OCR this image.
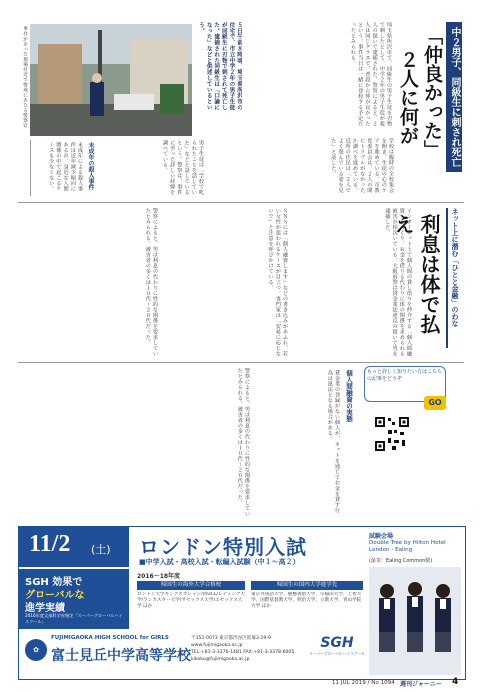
事件があった現場付近で警戒にあたる警察官	５日午前８時頃、埼玉県所沢市の住宅で、市立中学２年の男子生徒が同級生に刃物で刺されて死亡した。逮捕された同級生は「口論になった」などと供述しているという。	中２男子、同級生に刺され死亡
「仲良かった」
２人に何が
埼玉県所沢市で、同級生の男子生徒を刃物で刺したとして、中学２年の男子生徒が殺人の疑いで逮捕された。警察によると、２人は同じクラスで、普段から仲が良かったという。事件当日は一緒に登校する予定だったとみられる。
学校は臨時の全校集会を開き、生徒の心のケアを進めている。市教育委員会は、２人の間にトラブルがなかったか調べを進めている。近所の住民は「２人でよく遊んでいる姿を見た」と話した。
男子生徒は「学校で叱られたことを話していた」などと話しているという。警察は、事件に至った詳しい経緯を調べている。
未成年の殺人事件
未成年による殺人事件は近年減少傾向にあるが、身近な人間関係の中で起こるケースも少なくない。
ネット上に潜む「ひとと金融」のわな
利息は体で払え
インターネット上で個人間の貸し借りを仲介する「個人間融資」をめぐり、お金を借りる代わりに体の関係を求められる被害が相次いでいる。大阪府警は貸金業法違反の疑いで男を逮捕した。
ＳＮＳには「個人融資します」などの書き込みがあふれ、若い女性が狙われるケースが目立つ。専門家は「安易に応じないで」と注意を呼びかけている。
警察によると、男は利息の代わりに性的な関係を要求していたとみられる。被害者の多くは１０代〜２０代だった。
個人間融資の実態
貸金業の登録がない個人が、ネットを通じてお金を貸す行為は違法となる場合がある。
警察によると、男は利息の代わりに性的な関係を要求していたとみられる。被害者の多くは１０代〜２０代だった。	もっと詳しく知りたい方はこちらの記事をどうぞ
GO
11/2 (土) ロンドン特別入試
■中学入試・高校入試・転編入試験（中１〜高２）
試験会場
Double Tree by Hilton Hotel London - Ealing
(最寄：Ealing Common駅)
SGH 効果で
グローバルな
進学実績
2016年度文部科学省指定「スーパーグローバルハイスクール」
2016〜18年度
帰国生の海外大学合格校
ロンドン大学キングスカレッジ/同UCL/レディング大学/ランカスター大学/サセックス大学/エセックス大学 ほか
帰国生の国内大学進学先
東京外国語大学、慶應義塾大学、早稲田大学、上智大学、国際基督教大学、明治大学、立教大学、青山学院大学 ほか
✿
FUJIMIGAOKA HIGH SCHOOL for GIRLS
富士見丘中学高等学校
〒151-0073 東京都渋谷区笹塚3-19-9
www.fujimigaoka.ac.jp
TEL:+81-3-3376-1481 FAX:+81-3-3378-6005
kikoku@fujimigaoka.ac.jp
SGH
スーパーグローバルハイスクール
11 JUL 2019 / No 1094 週刊ジャーニー 4
